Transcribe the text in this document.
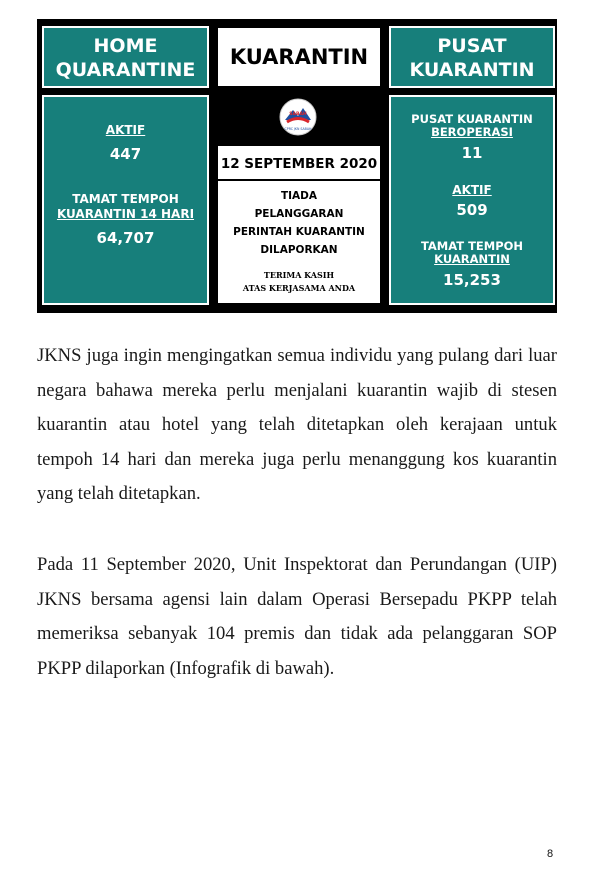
HOME
QUARANTINE
KUARANTIN	PUSAT
KUARANTIN
AKTIF
447
TAMAT TEMPOH
KUARANTIN 14 HARI
64,707
SABAH
CPRC JKN SABAH
12 SEPTEMBER 2020
TIADA
PELANGGARAN
PERINTAH KUARANTIN
DILAPORKAN
TERIMA KASIH
ATAS KERJASAMA ANDA
PUSAT KUARANTIN
BEROPERASI
11
AKTIF
509
TAMAT TEMPOH
KUARANTIN
15,253

JKNS juga ingin mengingatkan semua individu yang pulang dari luar negara bahawa mereka perlu menjalani kuarantin wajib di stesen kuarantin atau hotel yang telah ditetapkan oleh kerajaan untuk tempoh 14 hari dan mereka juga perlu menanggung kos kuarantin yang telah ditetapkan.

Pada 11 September 2020, Unit Inspektorat dan Perundangan (UIP) JKNS bersama agensi lain dalam Operasi Bersepadu PKPP telah memeriksa sebanyak 104 premis dan tidak ada pelanggaran SOP PKPP dilaporkan (Infografik di bawah).

8
